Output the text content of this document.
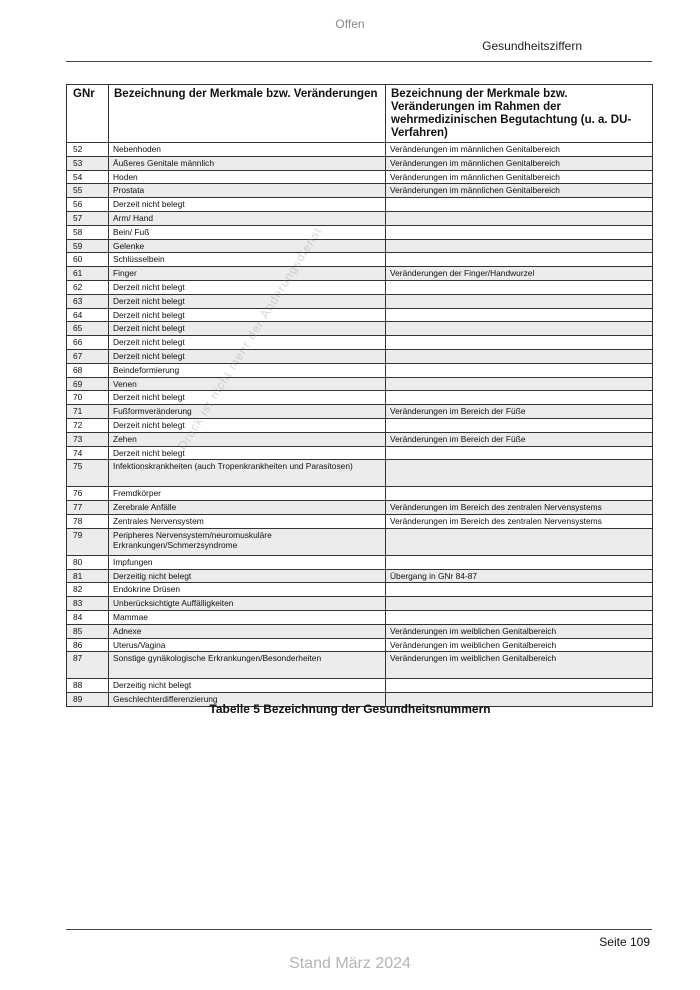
Offen
Gesundheitsziffern
GNr	Bezeichnung der Merkmale bzw. Veränderungen	Bezeichnung der Merkmale bzw. Veränderungen im Rahmen der wehrmedizinischen Begutachtung (u. a. DU-Verfahren)
52	Nebenhoden	Veränderungen im männlichen Genitalbereich
53	Äußeres Genitale männlich	Veränderungen im männlichen Genitalbereich
54	Hoden	Veränderungen im männlichen Genitalbereich
55	Prostata	Veränderungen im männlichen Genitalbereich
56	Derzeit nicht belegt	
57	Arm/ Hand	
58	Bein/ Fuß	
59	Gelenke	
60	Schlüsselbein	
61	Finger	Veränderungen der Finger/Handwurzel
62	Derzeit nicht belegt	
63	Derzeit nicht belegt	
64	Derzeit nicht belegt	
65	Derzeit nicht belegt	
66	Derzeit nicht belegt	
67	Derzeit nicht belegt	
68	Beindeformierung	
69	Venen	
70	Derzeit nicht belegt	
71	Fußformveränderung	Veränderungen im Bereich der Füße
72	Derzeit nicht belegt	
73	Zehen	Veränderungen im Bereich der Füße
74	Derzeit nicht belegt	
75	Infektionskrankheiten (auch Tropenkrankheiten und Parasitosen)	
76	Fremdkörper	
77	Zerebrale Anfälle	Veränderungen im Bereich des zentralen Nervensystems
78	Zentrales Nervensystem	Veränderungen im Bereich des zentralen Nervensystems
79	Peripheres Nervensystem/neuromuskuläre Erkrankungen/Schmerzsyndrome	
80	Impfungen	
81	Derzeitig nicht belegt	Übergang in GNr 84-87
82	Endokrine Drüsen	
83	Unberücksichtigte Auffälligkeiten	
84	Mammae	
85	Adnexe	Veränderungen im weiblichen Genitalbereich
86	Uterus/Vagina	Veränderungen im weiblichen Genitalbereich
87	Sonstige gynäkologische Erkrankungen/Besonderheiten	Veränderungen im weiblichen Genitalbereich
88	Derzeitig nicht belegt	
89	Geschlechterdifferenzierung	
Druck ist nicht mehr der Änderungsdienst
Tabelle 5 Bezeichnung der Gesundheitsnummern
Seite 109
Stand März 2024
